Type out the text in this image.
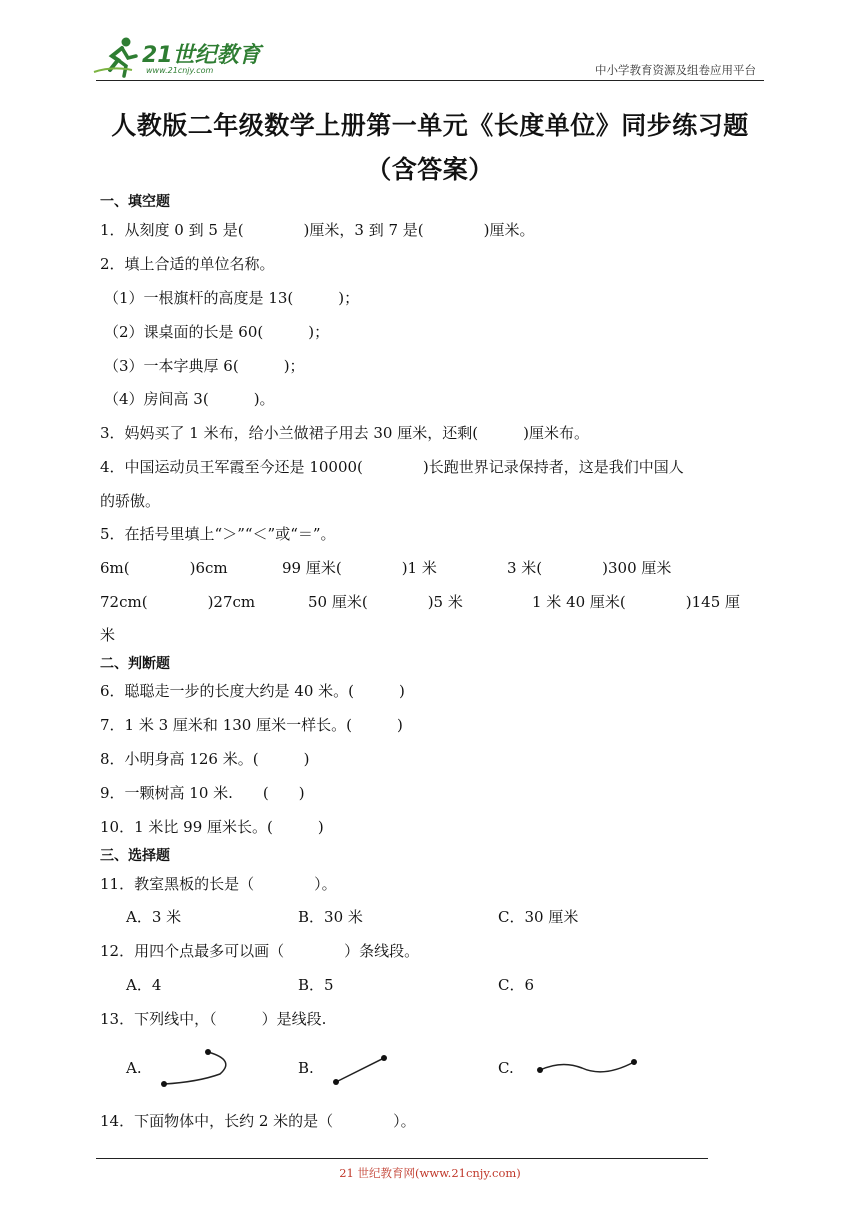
21世纪教育
www.21cnjy.com	中小学教育资源及组卷应用平台
人教版二年级数学上册第一单元《长度单位》同步练习题
（含答案）
一、填空题
1．从刻度 0 到 5 是(　　　　)厘米，3 到 7 是(　　　　)厘米。
2．填上合适的单位名称。
（1）一根旗杆的高度是 13(　　　)；
（2）课桌面的长是 60(　　　)；
（3）一本字典厚 6(　　　)；
（4）房间高 3(　　　)。
3．妈妈买了 1 米布，给小兰做裙子用去 30 厘米，还剩(　　　)厘米布。
4．中国运动员王军霞至今还是 10000(　　　　)长跑世界记录保持者，这是我们中国人
的骄傲。
5．在括号里填上“＞”“＜”或“＝”。
6m(　　　　)6cm	99 厘米(　　　　)1 米	3 米(　　　　)300 厘米
72cm(　　　　)27cm	50 厘米(　　　　)5 米	1 米 40 厘米(　　　　)145 厘
米
二、判断题
6．聪聪走一步的长度大约是 40 米。(　　　)
7．1 米 3 厘米和 130 厘米一样长。(　　　)
8．小明身高 126 米。(　　　)
9．一颗树高 10 米.　　(　　)
10．1 米比 99 厘米长。(　　　)
三、选择题
11．教室黑板的长是（　　　　）。
A．3 米	B．30 米	C．30 厘米
12．用四个点最多可以画（　　　　）条线段。
A．4	B．5	C．6
13．下列线中，（　　　）是线段.
A.	B.	C.
14．下面物体中，长约 2 米的是（　　　　）。
21 世纪教育网(www.21cnjy.com)
